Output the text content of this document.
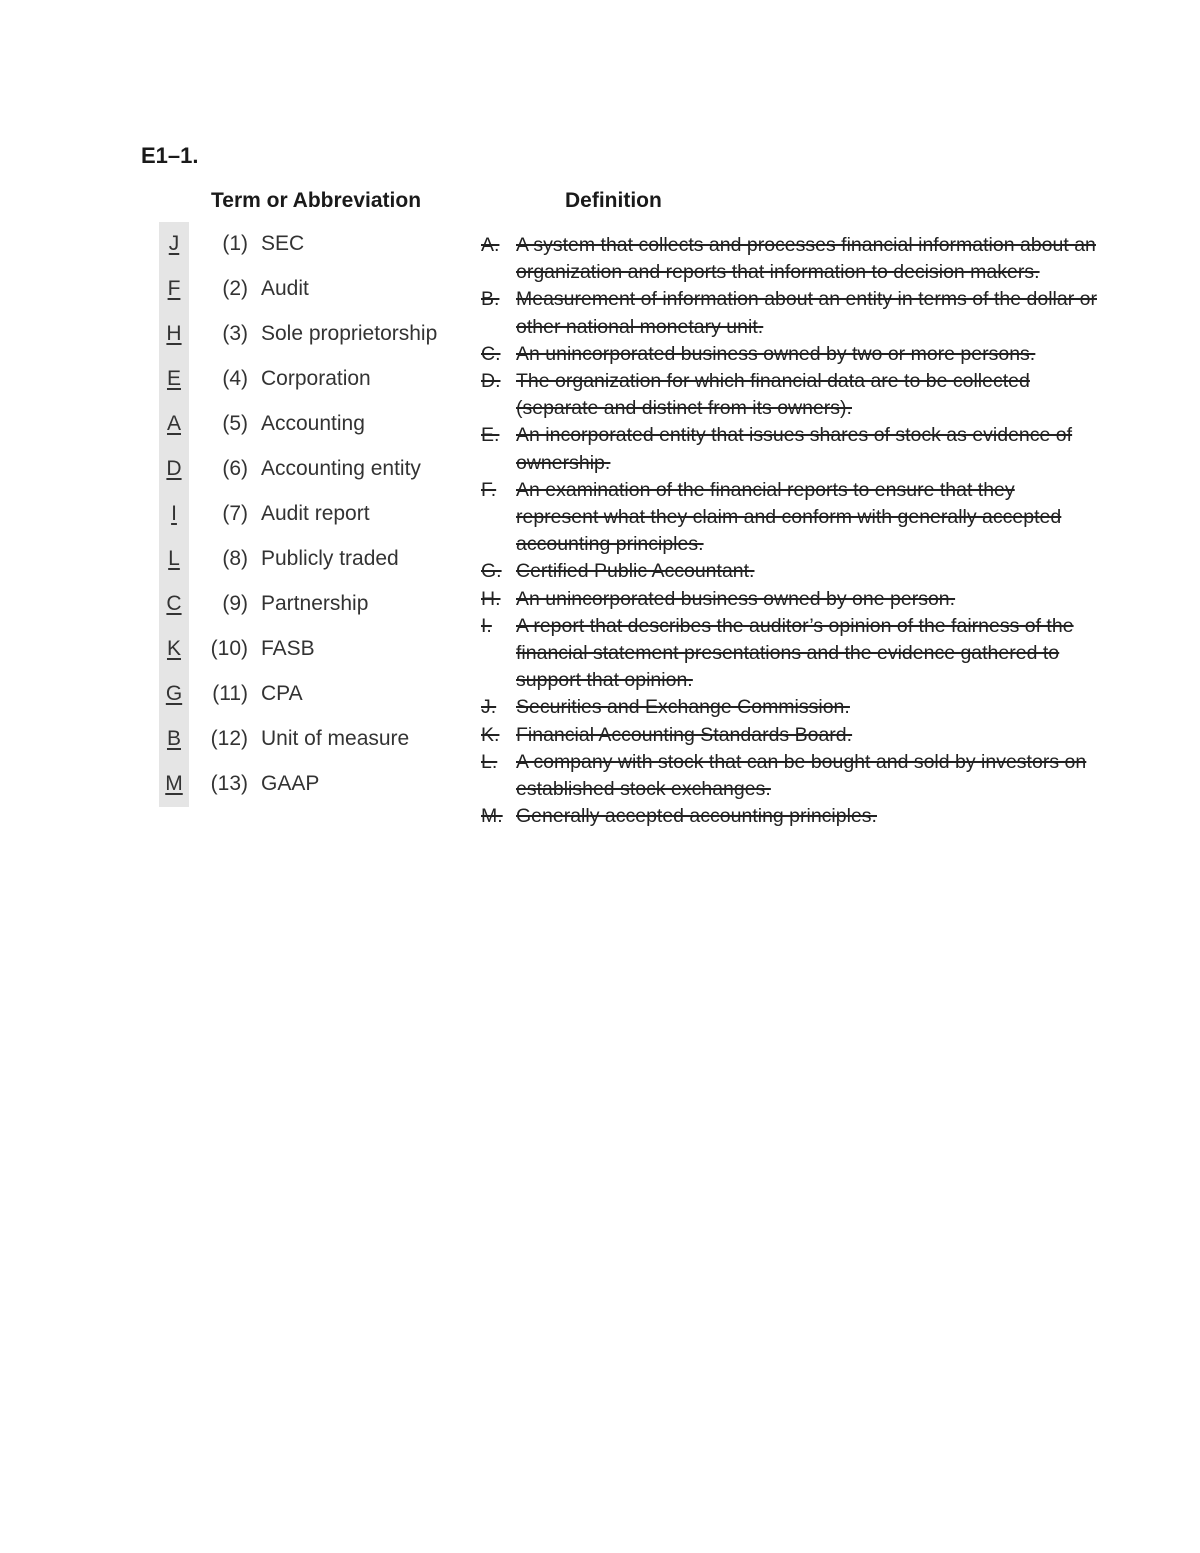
E1–1.
Term or Abbreviation	Definition
J	(1) SEC
F	(2) Audit
H	(3) Sole proprietorship
E	(4) Corporation
A	(5) Accounting
D	(6) Accounting entity
I	(7) Audit report
L	(8) Publicly traded
C	(9) Partnership
K	(10) FASB
G	(11) CPA
B	(12) Unit of measure
M	(13) GAAP
A. A system that collects and processes financial information about an organization and reports that information to decision makers.
B. Measurement of information about an entity in terms of the dollar or other national monetary unit.
C. An unincorporated business owned by two or more persons.
D. The organization for which financial data are to be collected (separate and distinct from its owners).
E. An incorporated entity that issues shares of stock as evidence of ownership.
F. An examination of the financial reports to ensure that they represent what they claim and conform with generally accepted accounting principles.
G. Certified Public Accountant.
H. An unincorporated business owned by one person.
I. A report that describes the auditor’s opinion of the fairness of the financial statement presentations and the evidence gathered to support that opinion.
J. Securities and Exchange Commission.
K. Financial Accounting Standards Board.
L. A company with stock that can be bought and sold by investors on established stock exchanges.
M. Generally accepted accounting principles.
